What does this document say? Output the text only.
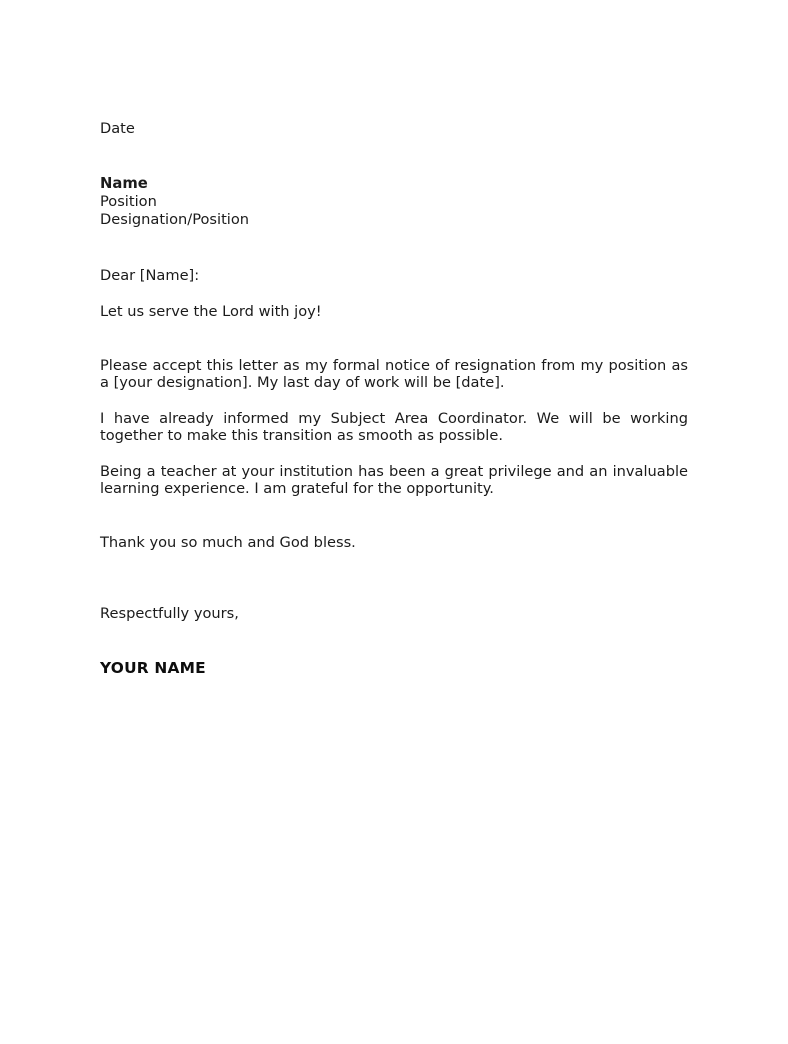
Date
Name
Position
Designation/Position
Dear [Name]:
Let us serve the Lord with joy!

Please accept this letter as my formal notice of resignation from my position as a [your designation]. My last day of work will be [date].

I have already informed my Subject Area Coordinator. We will be working together to make this transition as smooth as possible.

Being a teacher at your institution has been a great privilege and an invaluable learning experience. I am grateful for the opportunity.

Thank you so much and God bless.
Respectfully yours,
YOUR NAME
